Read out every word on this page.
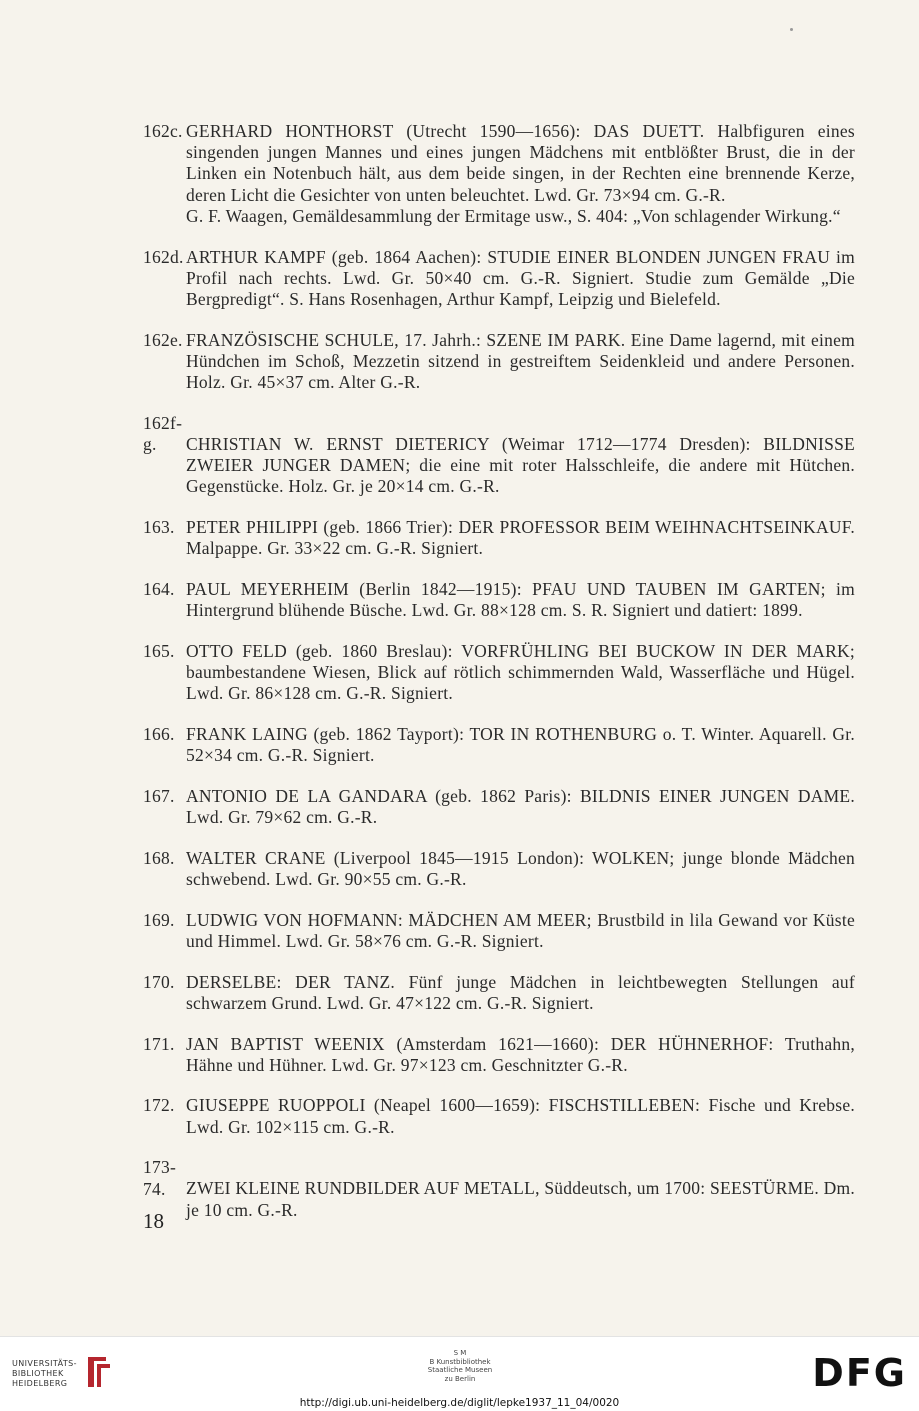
162c. GERHARD HONTHORST (Utrecht 1590—1656): DAS DUETT. Halbfiguren eines singenden jungen Mannes und eines jungen Mädchens mit entblößter Brust, die in der Linken ein Notenbuch hält, aus dem beide singen, in der Rechten eine brennende Kerze, deren Licht die Gesichter von unten beleuchtet. Lwd. Gr. 73×94 cm. G.-R.

G. F. Waagen, Gemäldesammlung der Ermitage usw., S. 404: „Von schlagender Wirkung.“

162d. ARTHUR KAMPF (geb. 1864 Aachen): STUDIE EINER BLONDEN JUNGEN FRAU im Profil nach rechts. Lwd. Gr. 50×40 cm. G.-R. Signiert. Studie zum Gemälde „Die Bergpredigt“. S. Hans Rosenhagen, Arthur Kampf, Leipzig und Bielefeld.
162e. FRANZÖSISCHE SCHULE, 17. Jahrh.: SZENE IM PARK. Eine Dame lagernd, mit einem Hündchen im Schoß, Mezzetin sitzend in gestreiftem Seidenkleid und andere Personen. Holz. Gr. 45×37 cm. Alter G.-R.
162f-g. CHRISTIAN W. ERNST DIETERICY (Weimar 1712—1774 Dresden): BILDNISSE ZWEIER JUNGER DAMEN; die eine mit roter Halsschleife, die andere mit Hütchen. Gegenstücke. Holz. Gr. je 20×14 cm. G.-R.
163. PETER PHILIPPI (geb. 1866 Trier): DER PROFESSOR BEIM WEIHNACHTSEINKAUF. Malpappe. Gr. 33×22 cm. G.-R. Signiert.
164. PAUL MEYERHEIM (Berlin 1842—1915): PFAU UND TAUBEN IM GARTEN; im Hintergrund blühende Büsche. Lwd. Gr. 88×128 cm. S. R. Signiert und datiert: 1899.
165. OTTO FELD (geb. 1860 Breslau): VORFRÜHLING BEI BUCKOW IN DER MARK; baumbestandene Wiesen, Blick auf rötlich schimmernden Wald, Wasserfläche und Hügel. Lwd. Gr. 86×128 cm. G.-R. Signiert.
166. FRANK LAING (geb. 1862 Tayport): TOR IN ROTHENBURG o. T. Winter. Aquarell. Gr. 52×34 cm. G.-R. Signiert.
167. ANTONIO DE LA GANDARA (geb. 1862 Paris): BILDNIS EINER JUNGEN DAME. Lwd. Gr. 79×62 cm. G.-R.
168. WALTER CRANE (Liverpool 1845—1915 London): WOLKEN; junge blonde Mädchen schwebend. Lwd. Gr. 90×55 cm. G.-R.
169. LUDWIG VON HOFMANN: MÄDCHEN AM MEER; Brustbild in lila Gewand vor Küste und Himmel. Lwd. Gr. 58×76 cm. G.-R. Signiert.
170. DERSELBE: DER TANZ. Fünf junge Mädchen in leichtbewegten Stellungen auf schwarzem Grund. Lwd. Gr. 47×122 cm. G.-R. Signiert.
171. JAN BAPTIST WEENIX (Amsterdam 1621—1660): DER HÜHNERHOF: Truthahn, Hähne und Hühner. Lwd. Gr. 97×123 cm. Geschnitzter G.-R.
172. GIUSEPPE RUOPPOLI (Neapel 1600—1659): FISCHSTILLEBEN: Fische und Krebse. Lwd. Gr. 102×115 cm. G.-R.
173-74. ZWEI KLEINE RUNDBILDER AUF METALL, Süddeutsch, um 1700: SEESTÜRME. Dm. je 10 cm. G.-R.
18
UNIVERSITÄTS-
BIBLIOTHEK
HEIDELBERG
S M
B Kunstbibliothek
Staatliche Museen
zu Berlin	DFG
http://digi.ub.uni-heidelberg.de/diglit/lepke1937_11_04/0020
